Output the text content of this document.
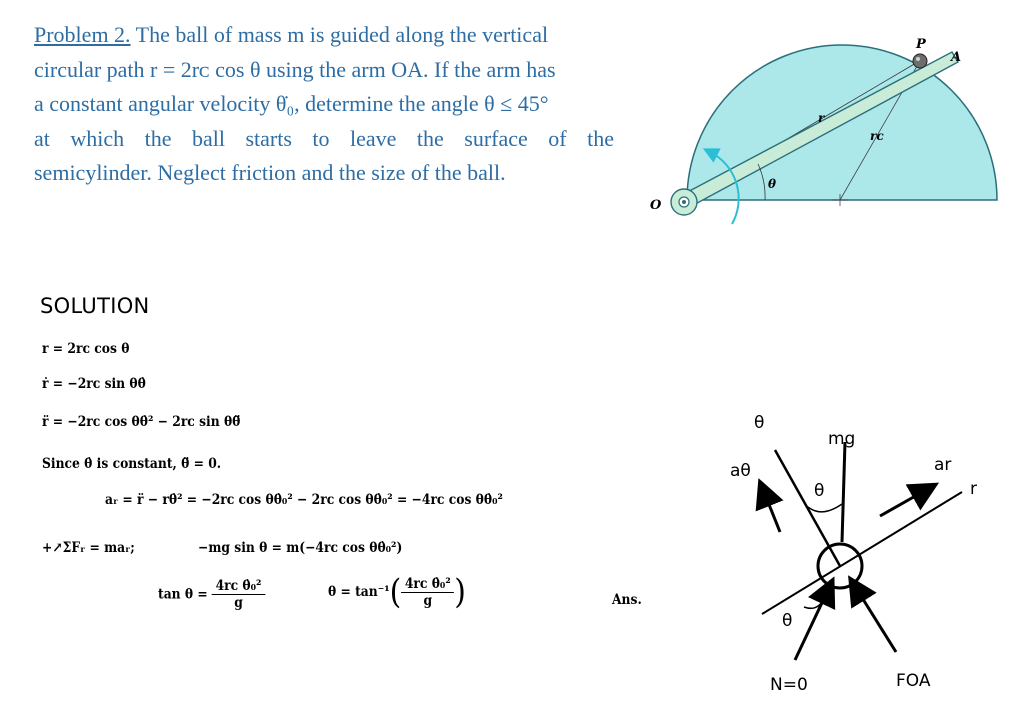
Problem 2. The ball of mass m is guided along the vertical
circular path r = 2rᴄ cos θ using the arm OA. If the arm has
a constant angular velocity θ̇₀, determine the angle θ ≤ 45°
at which the ball starts to leave the surface of the
semicylinder. Neglect friction and the size of the ball.
P
A
O
r
rᴄ
θ
SOLUTION
r = 2rᴄ cos θ
ṙ = −2rᴄ sin θθ̇
r̈ = −2rᴄ cos θθ̇² − 2rᴄ sin θθ̈
Since θ̇ is constant, θ̈ = 0.
aᵣ = r̈ − rθ̇² = −2rᴄ cos θθ̇₀² − 2rᴄ cos θθ̇₀² = −4rᴄ cos θθ̇₀²
+↗ΣFᵣ = maᵣ;	−mg sin θ = m(−4rᴄ cos θθ̇₀²)
$\tan \theta = \frac{\text{4rᴄ θ̇₀²}}{g}$	$\theta = \tan^{-1}( \frac{\text{4rᴄ θ̇₀²}}{g}$ )	Ans.
θ
mg
aθ	ar
r
θ
θ
N=0	FOA
